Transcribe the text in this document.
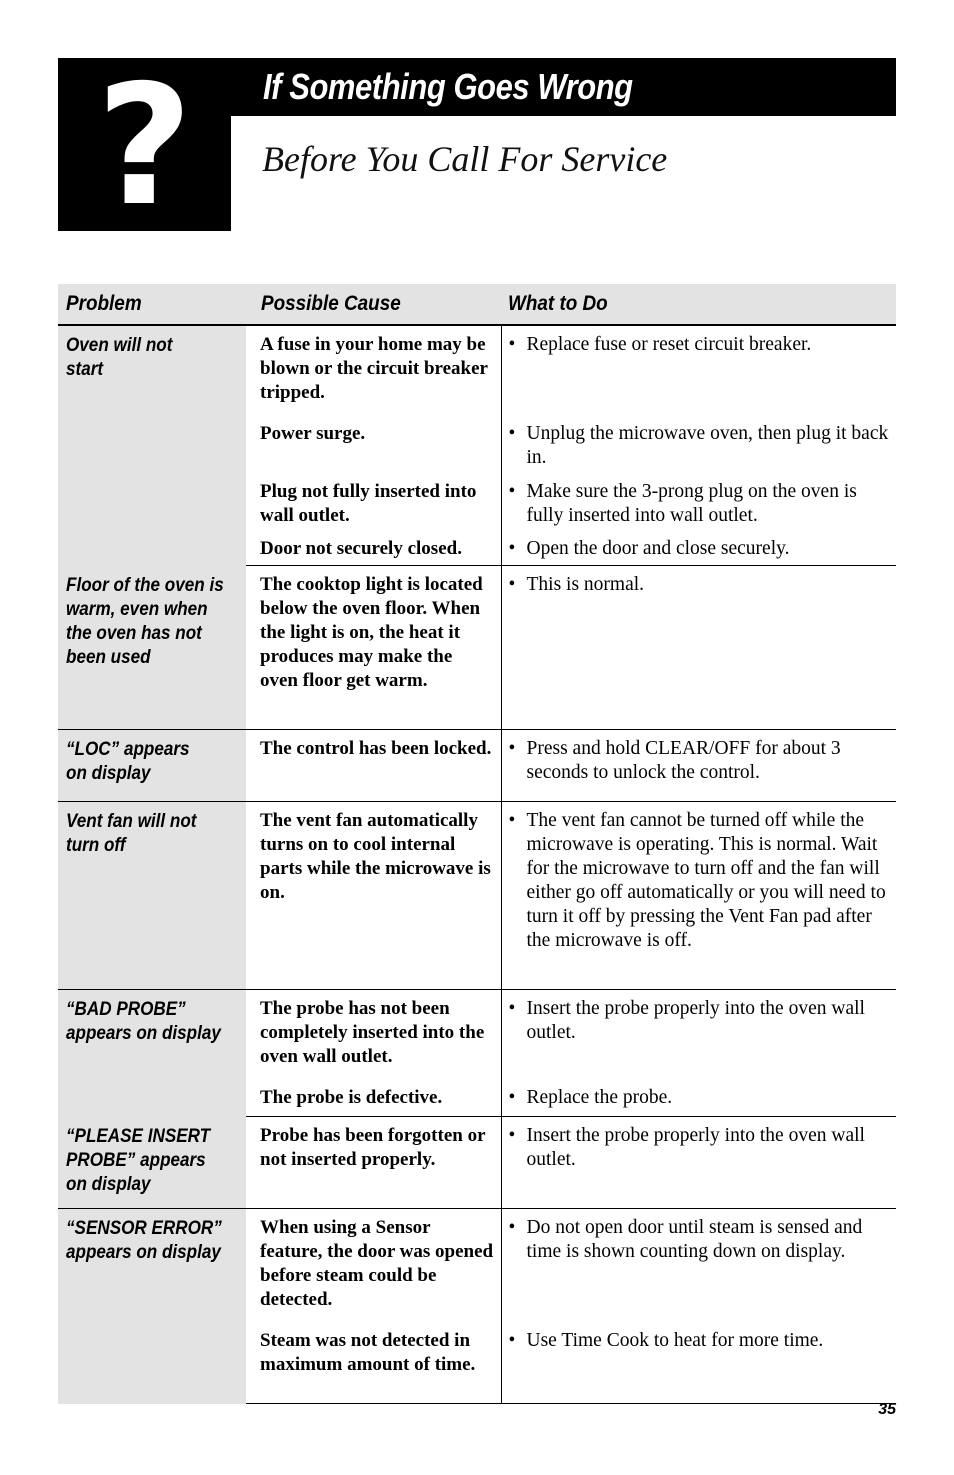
? If Something Goes Wrong
Before You Call For Service
Problem	Possible Cause	What to Do

Oven will not
start	A fuse in your home may be blown or the circuit breaker tripped.	• Replace fuse or reset circuit breaker.

	Power surge.	• Unplug the microwave oven, then plug it back in.

	Plug not fully inserted into wall outlet.	• Make sure the 3-prong plug on the oven is fully inserted into wall outlet.

	Door not securely closed.	• Open the door and close securely.

Floor of the oven is warm, even when the oven has not been used	The cooktop light is located below the oven floor. When the light is on, the heat it produces may make the oven floor get warm.	• This is normal.

“LOC” appears
on display	The control has been locked.	• Press and hold CLEAR/OFF for about 3 seconds to unlock the control.

Vent fan will not
turn off	The vent fan automatically turns on to cool internal parts while the microwave is on.	• The vent fan cannot be turned off while the microwave is operating. This is normal. Wait for the microwave to turn off and the fan will either go off automatically or you will need to turn it off by pressing the Vent Fan pad after the microwave is off.

“BAD PROBE”
appears on display	The probe has not been completely inserted into the oven wall outlet.	• Insert the probe properly into the oven wall outlet.

	The probe is defective.	• Replace the probe.

“PLEASE INSERT
PROBE” appears
on display	Probe has been forgotten or not inserted properly.	• Insert the probe properly into the oven wall outlet.

“SENSOR ERROR”
appears on display	When using a Sensor feature, the door was opened before steam could be detected.	• Do not open door until steam is sensed and time is shown counting down on display.

	Steam was not detected in maximum amount of time.	• Use Time Cook to heat for more time.
35
